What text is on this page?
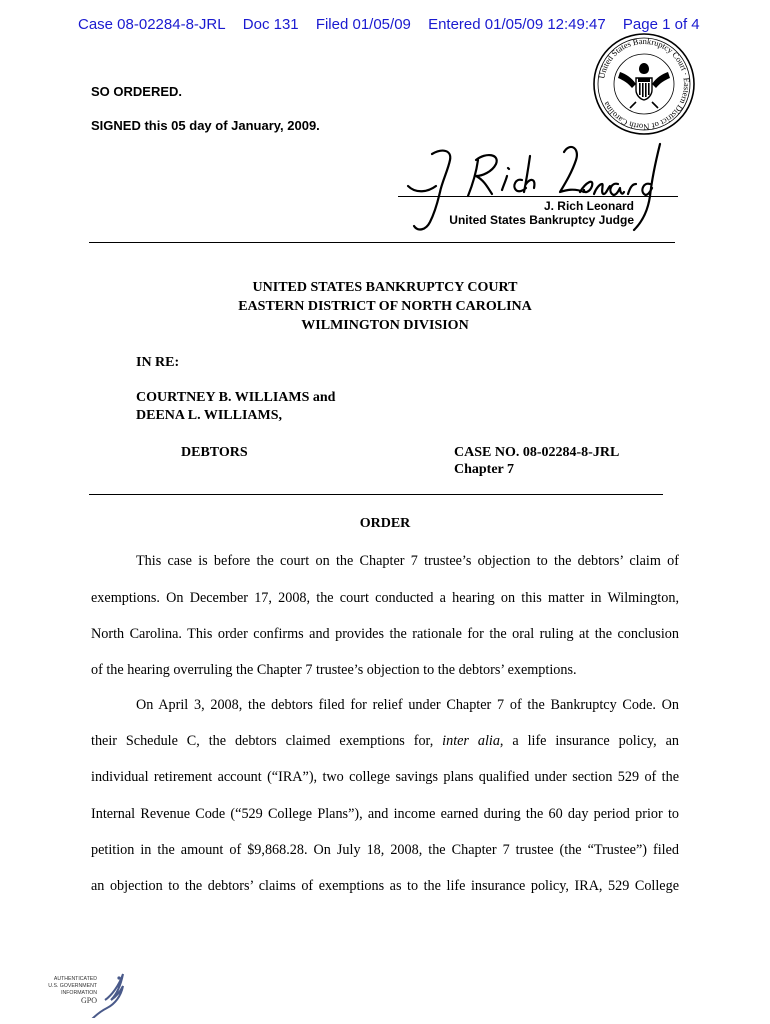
Case 08-02284-8-JRL Doc 131 Filed 01/05/09 Entered 01/05/09 12:49:47 Page 1 of 4
United States Bankruptcy Court · Eastern District of North Carolina
SO ORDERED.
SIGNED this 05 day of January, 2009.
J. Rich Leonard
United States Bankruptcy Judge
UNITED STATES BANKRUPTCY COURT
EASTERN DISTRICT OF NORTH CAROLINA
WILMINGTON DIVISION
IN RE:
COURTNEY B. WILLIAMS and
DEENA L. WILLIAMS,
DEBTORS	CASE NO. 08-02284-8-JRL
Chapter 7
ORDER
This case is before the court on the Chapter 7 trustee’s objection to the debtors’ claim of
exemptions. On December 17, 2008, the court conducted a hearing on this matter in Wilmington,
North Carolina. This order confirms and provides the rationale for the oral ruling at the conclusion
of the hearing overruling the Chapter 7 trustee’s objection to the debtors’ exemptions.
On April 3, 2008, the debtors filed for relief under Chapter 7 of the Bankruptcy Code. On
their Schedule C, the debtors claimed exemptions for, inter alia, a life insurance policy, an
individual retirement account (“IRA”), two college savings plans qualified under section 529 of the
Internal Revenue Code (“529 College Plans”), and income earned during the 60 day period prior to
petition in the amount of $9,868.28. On July 18, 2008, the Chapter 7 trustee (the “Trustee”) filed
an objection to the debtors’ claims of exemptions as to the life insurance policy, IRA, 529 College
AUTHENTICATED
U.S. GOVERNMENT
INFORMATION
GPO
